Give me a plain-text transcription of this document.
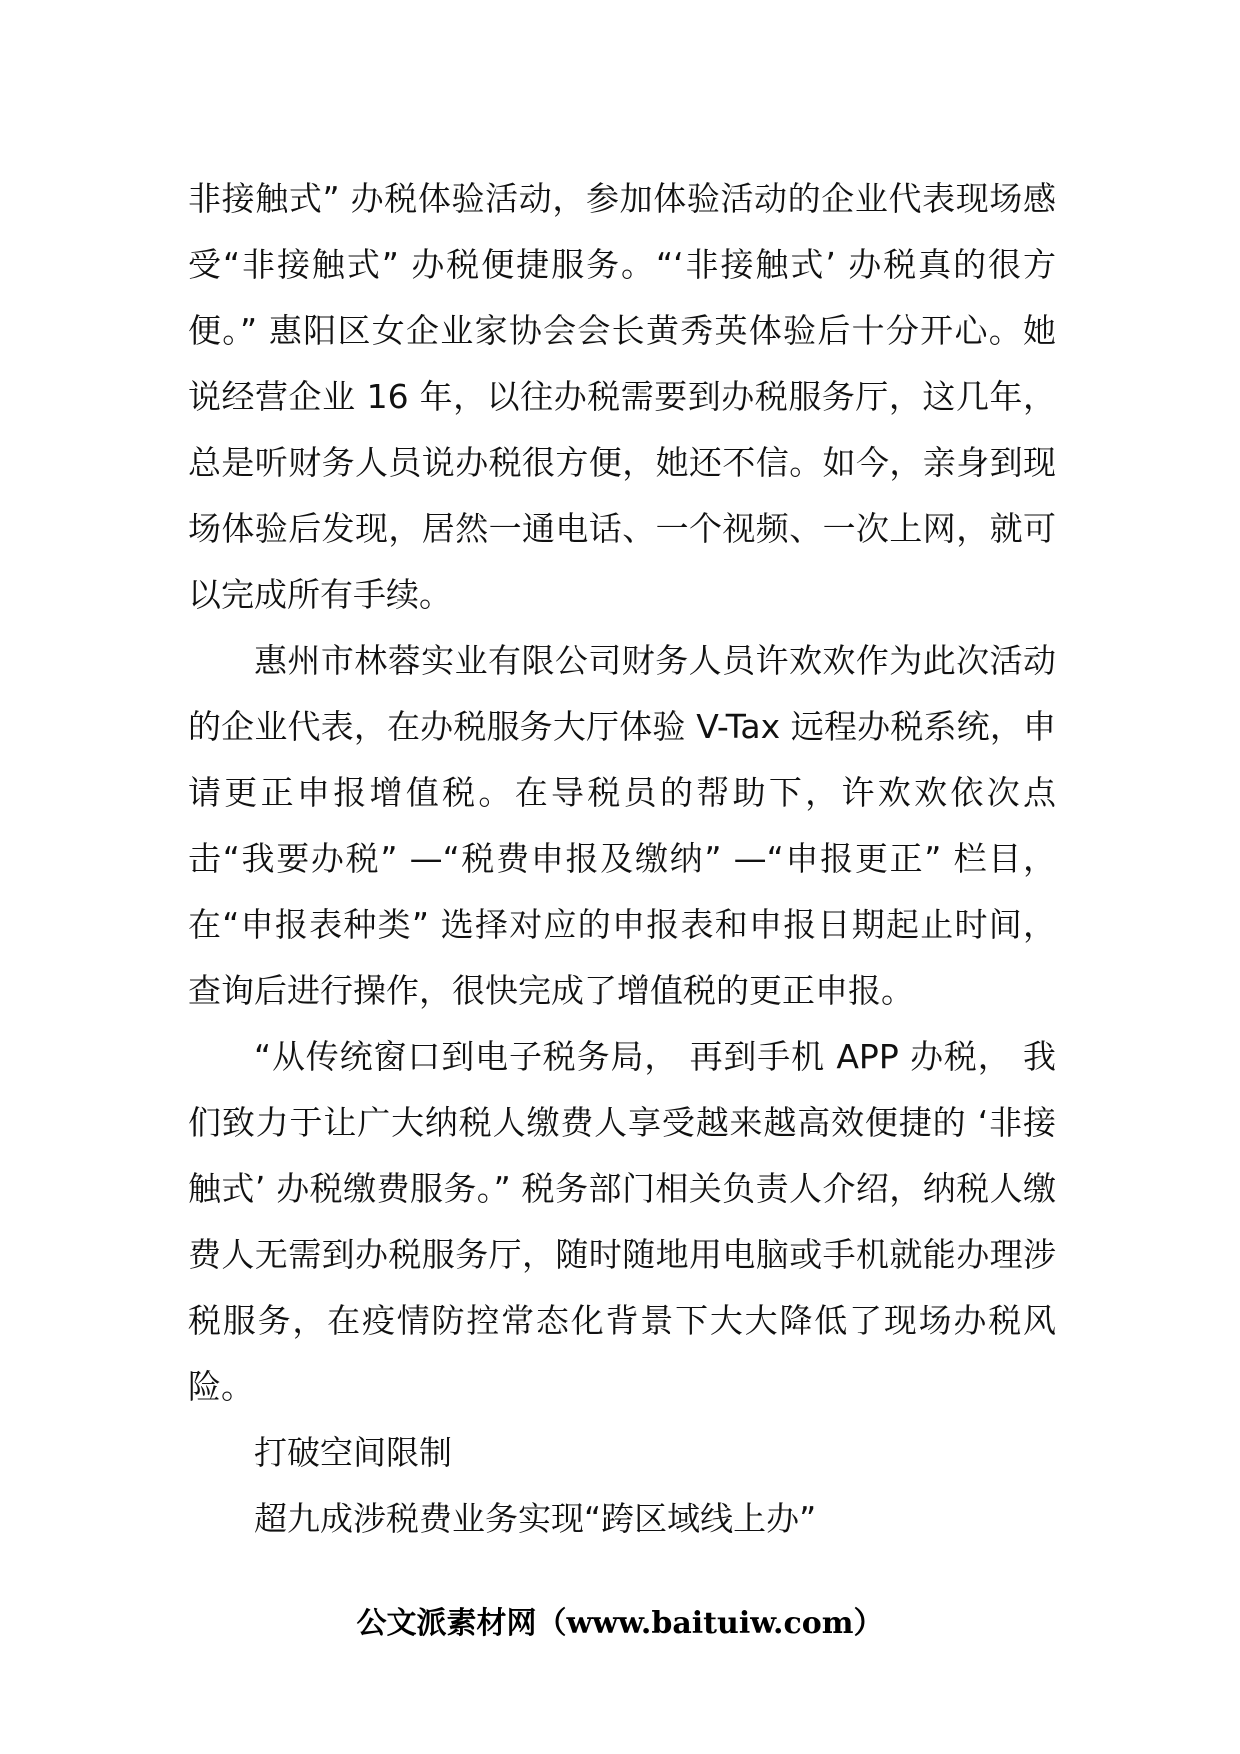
非接触式” 办税体验活动，参加体验活动的企业代表现场感受“非接触式” 办税便捷服务。“‘非接触式’ 办税真的很方便。” 惠阳区女企业家协会会长黄秀英体验后十分开心。她说经营企业 16 年，以往办税需要到办税服务厅，这几年，总是听财务人员说办税很方便，她还不信。如今，亲身到现场体验后发现，居然一通电话、一个视频、一次上网，就可以完成所有手续。

惠州市林蓉实业有限公司财务人员许欢欢作为此次活动的企业代表，在办税服务大厅体验 V-Tax 远程办税系统，申请更正申报增值税。在导税员的帮助下，许欢欢依次点击“我要办税” —“税费申报及缴纳” —“申报更正” 栏目，在“申报表种类” 选择对应的申报表和申报日期起止时间，查询后进行操作，很快完成了增值税的更正申报。

“从传统窗口到电子税务局， 再到手机 APP 办税， 我们致力于让广大纳税人缴费人享受越来越高效便捷的 ‘非接触式’ 办税缴费服务。” 税务部门相关负责人介绍，纳税人缴费人无需到办税服务厅，随时随地用电脑或手机就能办理涉税服务，在疫情防控常态化背景下大大降低了现场办税风险。

打破空间限制

超九成涉税费业务实现“跨区域线上办”

公文派素材网（www.baituiw.com）
